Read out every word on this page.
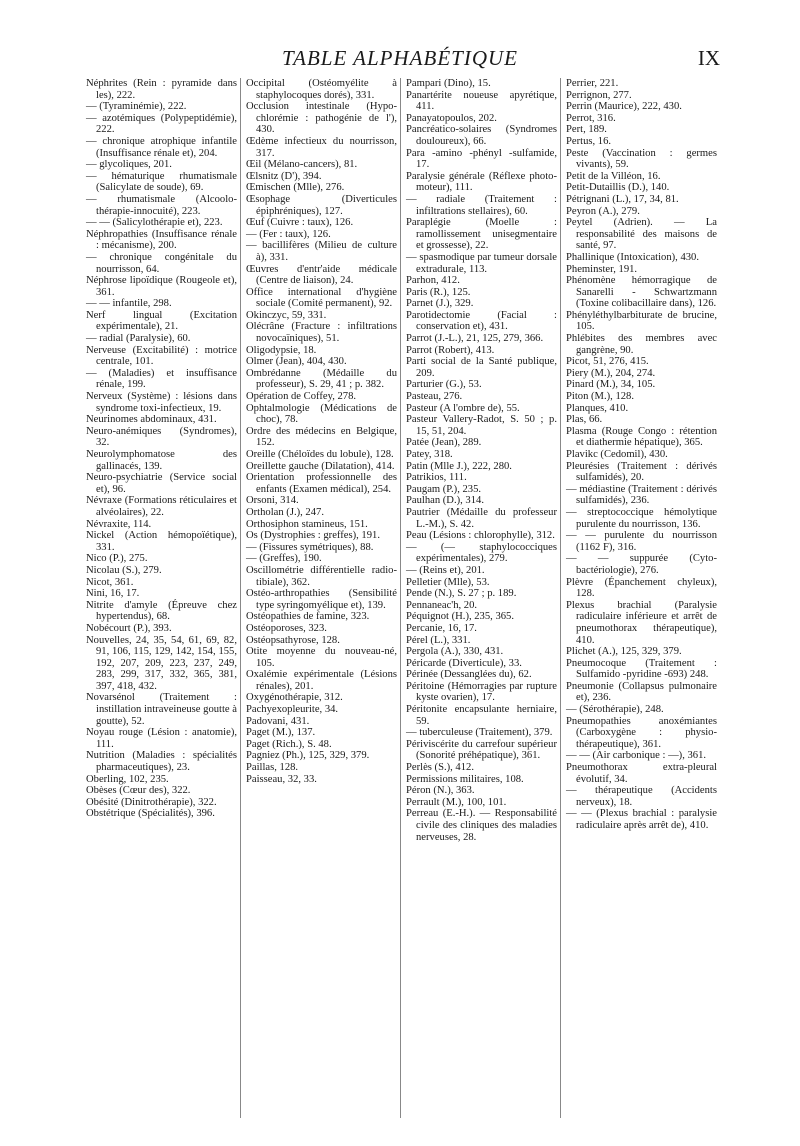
TABLE ALPHABÉTIQUE	IX
Néphrites (Rein : pyramide dans les), 222.
— (Tyraminémie), 222.
— azotémiques (Polypeptidémie), 222.
— chronique atrophique infantile (Insuffisance rénale et), 204.
— glycoliques, 201.
— hématurique rhumatismale (Salicylate de soude), 69.
— rhumatismale (Alcoolo-thérapie-innocuité), 223.
— — (Salicylothérapie et), 223.
Néphropathies (Insuffisance rénale : mécanisme), 200.
— chronique congénitale du nourrisson, 64.
Néphrose lipoïdique (Rougeole et), 361.
— — infantile, 298.
Nerf lingual (Excitation expérimentale), 21.
— radial (Paralysie), 60.
Nerveuse (Excitabilité) : motrice centrale, 101.
— (Maladies) et insuffisance rénale, 199.
Nerveux (Système) : lésions dans syndrome toxi-infectieux, 19.
Neurinomes abdominaux, 431.
Neuro-anémiques (Syndromes), 32.
Neurolymphomatose des gallinacés, 139.
Neuro-psychiatrie (Service social et), 96.
Névraxe (Formations réticulaires et alvéolaires), 22.
Névraxite, 114.
Nickel (Action hémopoïétique), 331.
Nico (P.), 275.
Nicolau (S.), 279.
Nicot, 361.
Nini, 16, 17.
Nitrite d'amyle (Épreuve chez hypertendus), 68.
Nobécourt (P.), 393.
Nouvelles, 24, 35, 54, 61, 69, 82, 91, 106, 115, 129, 142, 154, 155, 192, 207, 209, 223, 237, 249, 283, 299, 317, 332, 365, 381, 397, 418, 432.
Novarsénol (Traitement : instillation intraveineuse goutte à goutte), 52.
Noyau rouge (Lésion : anatomie), 111.
Nutrition (Maladies : spécialités pharmaceutiques), 23.
Oberling, 102, 235.
Obèses (Cœur des), 322.
Obésité (Dinitrothérapie), 322.
Obstétrique (Spécialités), 396.
Occipital (Ostéomyélite à staphylocoques dorés), 331.
Occlusion intestinale (Hypo-chlorémie : pathogénie de l'), 430.
Œdème infectieux du nourrisson, 317.
Œil (Mélano-cancers), 81.
Œlsnitz (D'), 394.
Œmischen (Mlle), 276.
Œsophage (Diverticules épiphréniques), 127.
Œuf (Cuivre : taux), 126.
— (Fer : taux), 126.
— bacillifères (Milieu de culture à), 331.
Œuvres d'entr'aide médicale (Centre de liaison), 24.
Office international d'hygiène sociale (Comité permanent), 92.
Okinczyc, 59, 331.
Olécrâne (Fracture : infiltrations novocaïniques), 51.
Oligodypsie, 18.
Olmer (Jean), 404, 430.
Ombrédanne (Médaille du professeur), S. 29, 41 ; p. 382.
Opération de Coffey, 278.
Ophtalmologie (Médications de choc), 78.
Ordre des médecins en Belgique, 152.
Oreille (Chéloïdes du lobule), 128.
Oreillette gauche (Dilatation), 414.
Orientation professionnelle des enfants (Examen médical), 254.
Orsoni, 314.
Ortholan (J.), 247.
Orthosiphon stamineus, 151.
Os (Dystrophies : greffes), 191.
— (Fissures symétriques), 88.
— (Greffes), 190.
Oscillométrie différentielle radio-tibiale), 362.
Ostéo-arthropathies (Sensibilité type syringomyélique et), 139.
Ostéopathies de famine, 323.
Ostéoporoses, 323.
Ostéopsathyrose, 128.
Otite moyenne du nouveau-né, 105.
Oxalémie expérimentale (Lésions rénales), 201.
Oxygénothérapie, 312.
Pachyexopleurite, 34.
Padovani, 431.
Paget (M.), 137.
Paget (Rich.), S. 48.
Pagniez (Ph.), 125, 329, 379.
Paillas, 128.
Paisseau, 32, 33.
Pampari (Dino), 15.
Panartérite noueuse apyrétique, 411.
Panayatopoulos, 202.
Pancréatico-solaires (Syndromes douloureux), 66.
Para -amino -phényl -sulfamide, 17.
Paralysie générale (Réflexe photo-moteur), 111.
— radiale (Traitement : infiltrations stellaires), 60.
Paraplégie (Moelle : ramollissement unisegmentaire et grossesse), 22.
— spasmodique par tumeur dorsale extradurale, 113.
Parhon, 412.
Paris (R.), 125.
Parnet (J.), 329.
Parotidectomie (Facial : conservation et), 431.
Parrot (J.-L.), 21, 125, 279, 366.
Parrot (Robert), 413.
Parti social de la Santé publique, 209.
Parturier (G.), 53.
Pasteau, 276.
Pasteur (A l'ombre de), 55.
Pasteur Vallery-Radot, S. 50 ; p. 15, 51, 204.
Patée (Jean), 289.
Patey, 318.
Patin (Mlle J.), 222, 280.
Patrikios, 111.
Paugam (P.), 235.
Paulhan (D.), 314.
Pautrier (Médaille du professeur L.-M.), S. 42.
Peau (Lésions : chlorophylle), 312.
— (— staphylococciques expérimentales), 279.
— (Reins et), 201.
Pelletier (Mlle), 53.
Pende (N.), S. 27 ; p. 189.
Pennaneac'h, 20.
Péquignot (H.), 235, 365.
Percanie, 16, 17.
Pérel (L.), 331.
Pergola (A.), 330, 431.
Péricarde (Diverticule), 33.
Périnée (Dessanglées du), 62.
Péritoine (Hémorragies par rupture kyste ovarien), 17.
Péritonite encapsulante herniaire, 59.
— tuberculeuse (Traitement), 379.
Périviscérite du carrefour supérieur (Sonorité préhépatique), 361.
Perlès (S.), 412.
Permissions militaires, 108.
Péron (N.), 363.
Perrault (M.), 100, 101.
Perreau (E.-H.). — Responsabilité civile des cliniques des maladies nerveuses, 28.
Perrier, 221.
Perrignon, 277.
Perrin (Maurice), 222, 430.
Perrot, 316.
Pert, 189.
Pertus, 16.
Peste (Vaccination : germes vivants), 59.
Petit de la Villéon, 16.
Petit-Dutaillis (D.), 140.
Pétrignani (L.), 17, 34, 81.
Peyron (A.), 279.
Peytel (Adrien). — La responsabilité des maisons de santé, 97.
Phallinique (Intoxication), 430.
Pheminster, 191.
Phénomène hémorragique de Sanarelli - Schwartzmann (Toxine colibacillaire dans), 126.
Phényléthylbarbiturate de brucine, 105.
Phlébites des membres avec gangrène, 90.
Picot, 51, 276, 415.
Piery (M.), 204, 274.
Pinard (M.), 34, 105.
Piton (M.), 128.
Planques, 410.
Plas, 66.
Plasma (Rouge Congo : rétention et diathermie hépatique), 365.
Plavikc (Cedomil), 430.
Pleurésies (Traitement : dérivés sulfamidés), 20.
— médiastine (Traitement : dérivés sulfamidés), 236.
— streptococcique hémolytique purulente du nourrisson, 136.
— — purulente du nourrisson (1162 F), 316.
— — suppurée (Cyto-bactériologie), 276.
Plèvre (Épanchement chyleux), 128.
Plexus brachial (Paralysie radiculaire inférieure et arrêt de pneumothorax thérapeutique), 410.
Plichet (A.), 125, 329, 379.
Pneumocoque (Traitement : Sulfamido -pyridine -693) 248.
Pneumonie (Collapsus pulmonaire et), 236.
— (Sérothérapie), 248.
Pneumopathies anoxémiantes (Carboxygène : physio-thérapeutique), 361.
— — (Air carbonique : —), 361.
Pneumothorax extra-pleural évolutif, 34.
— thérapeutique (Accidents nerveux), 18.
— — (Plexus brachial : paralysie radiculaire après arrêt de), 410.
